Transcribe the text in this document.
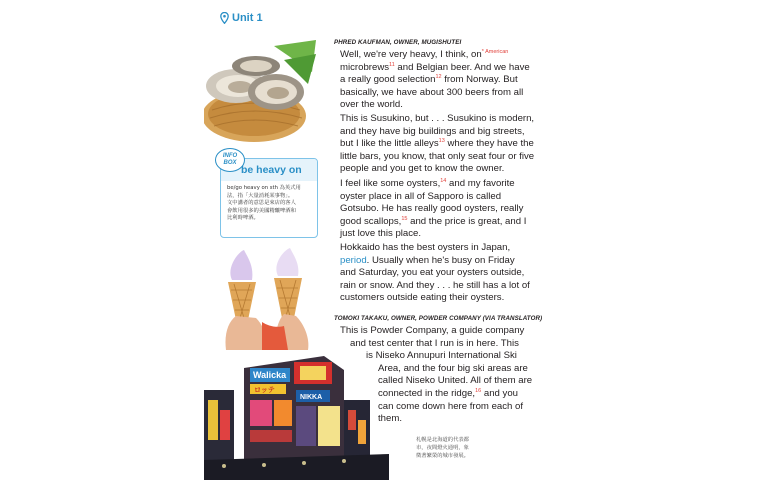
Unit 1
be heavy on
be/go heavy on sth 為英式用
法，指「大量消耗某事物」。
文中講者的意思是來店的客人
會飲用很多的美國精釀啤酒和
比利時啤酒。
INFO
BOX
Walicka
ロッテ
NIKKA
PHRED KAUFMAN, OWNER, MUGISHUTEI
Well, we're very heavy, I think, $on^{* American}$
microbrews$^{11}$ and Belgian beer. And we have
a really good selection$^{12}$ from Norway. But
basically, we have about 300 beers from all
over the world.
This is Susukino, but . . . Susukino is modern,
and they have big buildings and big streets,
but I like the little alleys$^{13}$ where they have the
little bars, you know, that only seat four or five
people and you get to know the owner.
I feel like some oysters,$^{14}$ and my favorite
oyster place in all of Sapporo is called
Gotsubo. He has really good oysters, really
good scallops,$^{15}$ and the price is great, and I
just love this place.
Hokkaido has the best oysters in Japan,
period. Usually when he's busy on Friday
and Saturday, you eat your oysters outside,
rain or snow. And they . . . he still has a lot of
customers outside eating their oysters.
TOMOKI TAKAKU, OWNER, POWDER COMPANY (VIA TRANSLATOR)
This is Powder Company, a guide company
and test center that I run is in here. This
is Niseko Annupuri International Ski
Area, and the four big ski areas are
called Niseko United. All of them are
connected in the ridge,$^{16}$ and you
can come down here from each of
them.
札幌是北海道的代表都
市，夜間燈火通明，象
徵著繁榮的城市發展。
